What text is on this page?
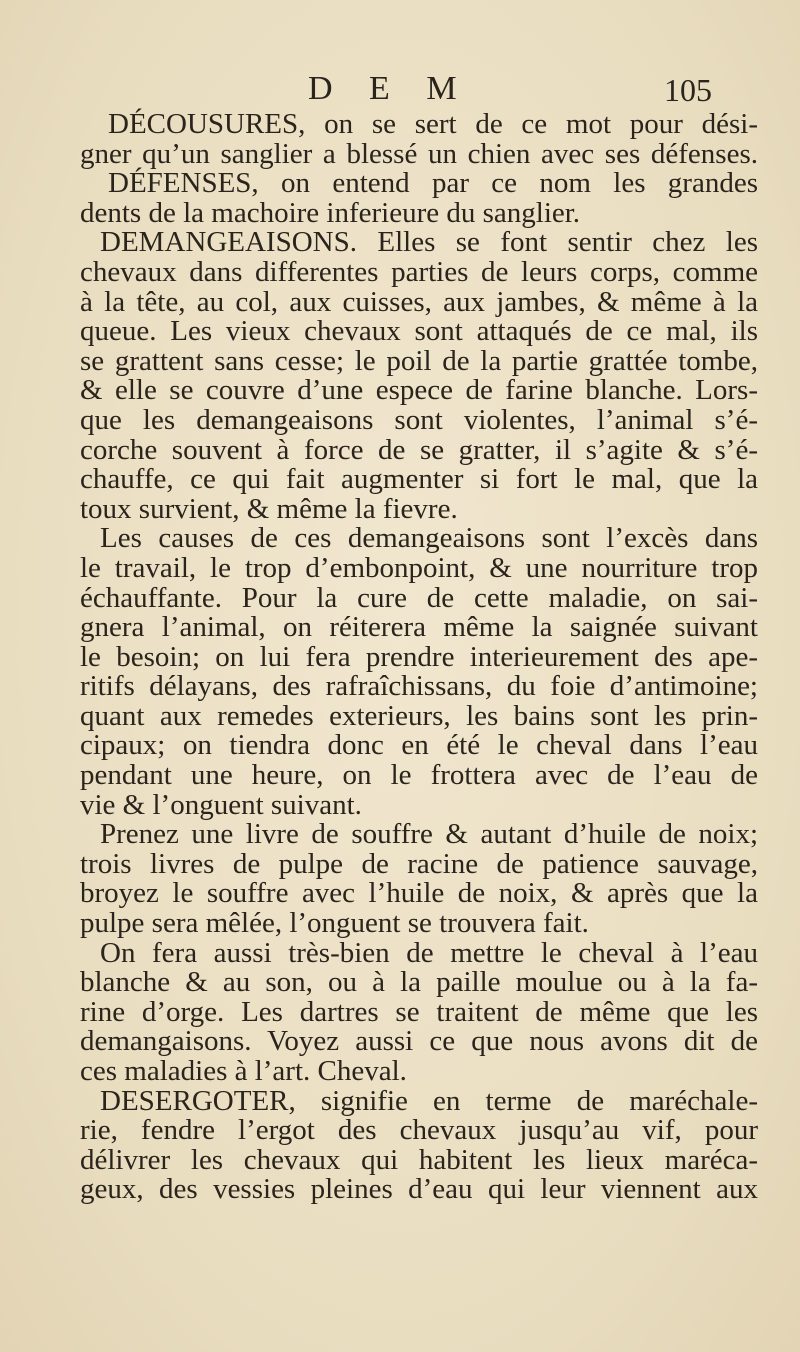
D E M	105
DÉCOUSURES, on se sert de ce mot pour dési-
gner qu’un sanglier a blessé un chien avec ses défenses.
DÉFENSES, on entend par ce nom les grandes
dents de la machoire inferieure du sanglier.
DEMANGEAISONS. Elles se font sentir chez les
chevaux dans differentes parties de leurs corps, comme
à la tête, au col, aux cuisses, aux jambes, & même à la
queue. Les vieux chevaux sont attaqués de ce mal, ils
se grattent sans cesse; le poil de la partie grattée tombe,
& elle se couvre d’une espece de farine blanche. Lors-
que les demangeaisons sont violentes, l’animal s’é-
corche souvent à force de se gratter, il s’agite & s’é-
chauffe, ce qui fait augmenter si fort le mal, que la
toux survient, & même la fievre.
Les causes de ces demangeaisons sont l’excès dans
le travail, le trop d’embonpoint, & une nourriture trop
échauffante. Pour la cure de cette maladie, on sai-
gnera l’animal, on réiterera même la saignée suivant
le besoin; on lui fera prendre interieurement des ape-
ritifs délayans, des rafraîchissans, du foie d’antimoine;
quant aux remedes exterieurs, les bains sont les prin-
cipaux; on tiendra donc en été le cheval dans l’eau
pendant une heure, on le frottera avec de l’eau de
vie & l’onguent suivant.
Prenez une livre de souffre & autant d’huile de noix;
trois livres de pulpe de racine de patience sauvage,
broyez le souffre avec l’huile de noix, & après que la
pulpe sera mêlée, l’onguent se trouvera fait.
On fera aussi très-bien de mettre le cheval à l’eau
blanche & au son, ou à la paille moulue ou à la fa-
rine d’orge. Les dartres se traitent de même que les
demangaisons. Voyez aussi ce que nous avons dit de
ces maladies à l’art. Cheval.
DESERGOTER, signifie en terme de maréchale-
rie, fendre l’ergot des chevaux jusqu’au vif, pour
délivrer les chevaux qui habitent les lieux maréca-
geux, des vessies pleines d’eau qui leur viennent aux
